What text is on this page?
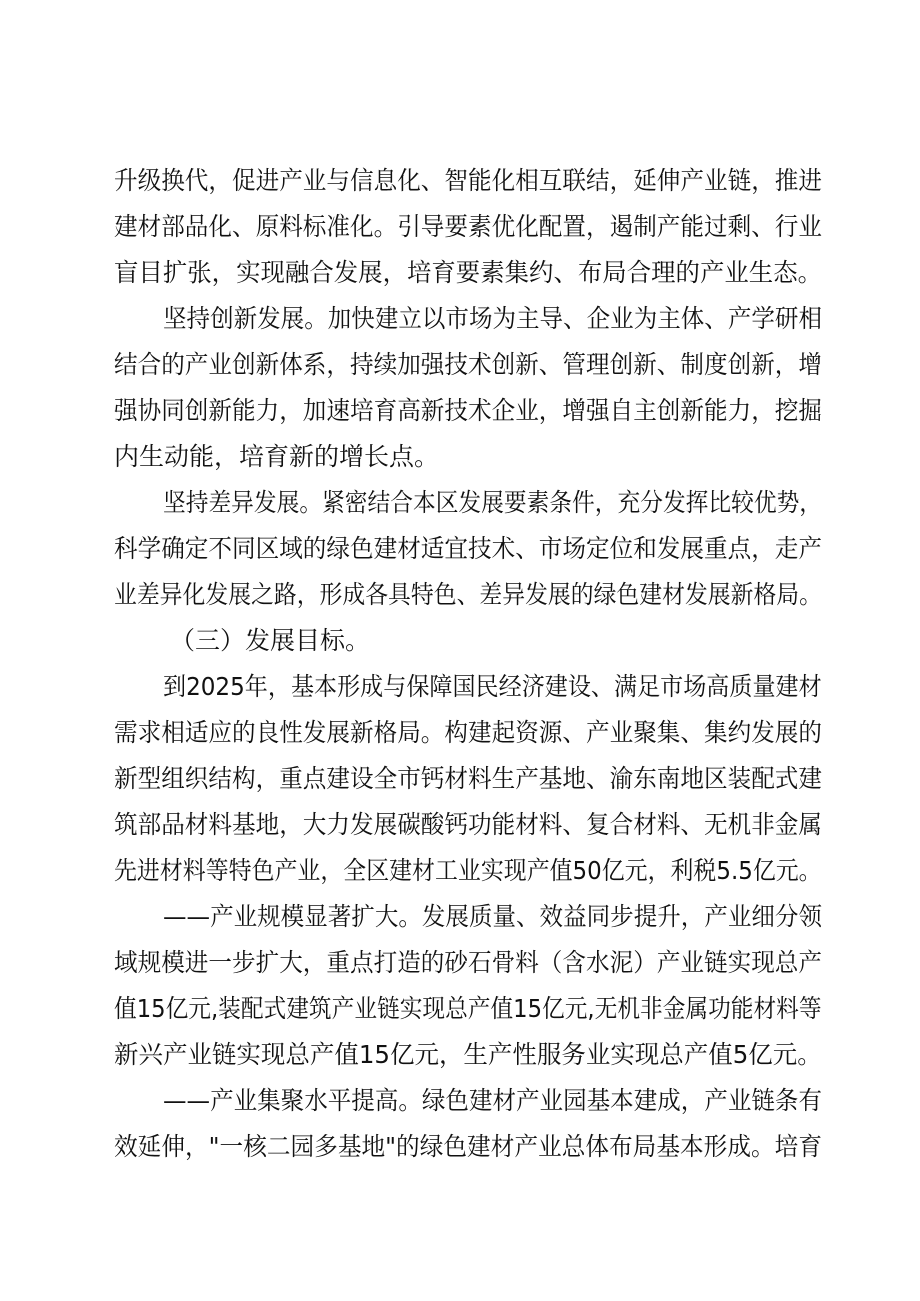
升级换代，促进产业与信息化、智能化相互联结，延伸产业链，推进
建材部品化、原料标准化。引导要素优化配置，遏制产能过剩、行业
盲目扩张，实现融合发展，培育要素集约、布局合理的产业生态。
坚持创新发展。加快建立以市场为主导、企业为主体、产学研相
结合的产业创新体系，持续加强技术创新、管理创新、制度创新，增
强协同创新能力，加速培育高新技术企业，增强自主创新能力，挖掘
内生动能，培育新的增长点。
坚持差异发展。紧密结合本区发展要素条件，充分发挥比较优势，
科学确定不同区域的绿色建材适宜技术、市场定位和发展重点，走产
业差异化发展之路，形成各具特色、差异发展的绿色建材发展新格局。
（三）发展目标。
到2025年，基本形成与保障国民经济建设、满足市场高质量建材
需求相适应的良性发展新格局。构建起资源、产业聚集、集约发展的
新型组织结构，重点建设全市钙材料生产基地、渝东南地区装配式建
筑部品材料基地，大力发展碳酸钙功能材料、复合材料、无机非金属
先进材料等特色产业，全区建材工业实现产值50亿元，利税5.5亿元。
——产业规模显著扩大。发展质量、效益同步提升，产业细分领
域规模进一步扩大，重点打造的砂石骨料（含水泥）产业链实现总产
值15亿元,装配式建筑产业链实现总产值15亿元,无机非金属功能材料等
新兴产业链实现总产值15亿元，生产性服务业实现总产值5亿元。
——产业集聚水平提高。绿色建材产业园基本建成，产业链条有
效延伸，"一核二园多基地"的绿色建材产业总体布局基本形成。培育
